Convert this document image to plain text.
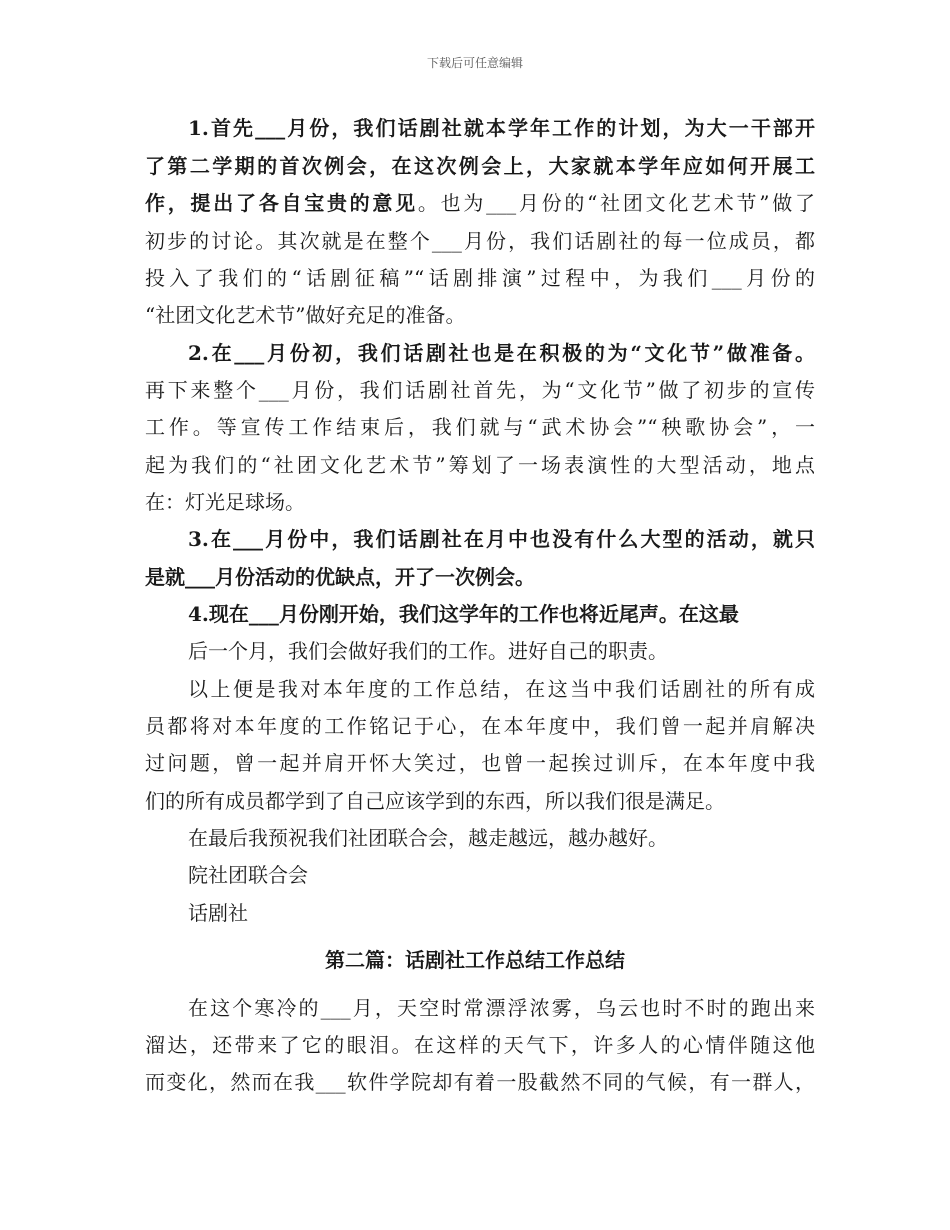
下载后可任意编辑
1.首先___月份，我们话剧社就本学年工作的计划，为大一干部开
了第二学期的首次例会，在这次例会上，大家就本学年应如何开展工
作，提出了各自宝贵的意见。也为___月份的“社团文化艺术节”做了
初步的讨论。其次就是在整个___月份，我们话剧社的每一位成员，都
投入了我们的“话剧征稿”“话剧排演”过程中，为我们___月份的
“社团文化艺术节”做好充足的准备。
2.在___月份初，我们话剧社也是在积极的为“文化节”做准备。
再下来整个___月份，我们话剧社首先，为“文化节”做了初步的宣传
工作。等宣传工作结束后，我们就与“武术协会”“秧歌协会”，一
起为我们的“社团文化艺术节”筹划了一场表演性的大型活动，地点
在：灯光足球场。
3.在___月份中，我们话剧社在月中也没有什么大型的活动，就只
是就___月份活动的优缺点，开了一次例会。
4.现在___月份刚开始，我们这学年的工作也将近尾声。在这最
后一个月，我们会做好我们的工作。进好自己的职责。
以上便是我对本年度的工作总结，在这当中我们话剧社的所有成
员都将对本年度的工作铭记于心，在本年度中，我们曾一起并肩解决
过问题，曾一起并肩开怀大笑过，也曾一起挨过训斥，在本年度中我
们的所有成员都学到了自己应该学到的东西，所以我们很是满足。
在最后我预祝我们社团联合会，越走越远，越办越好。
院社团联合会
话剧社
第二篇：话剧社工作总结工作总结
在这个寒冷的___月，天空时常漂浮浓雾，乌云也时不时的跑出来
溜达，还带来了它的眼泪。在这样的天气下，许多人的心情伴随这他
而变化，然而在我___软件学院却有着一股截然不同的气候，有一群人，
